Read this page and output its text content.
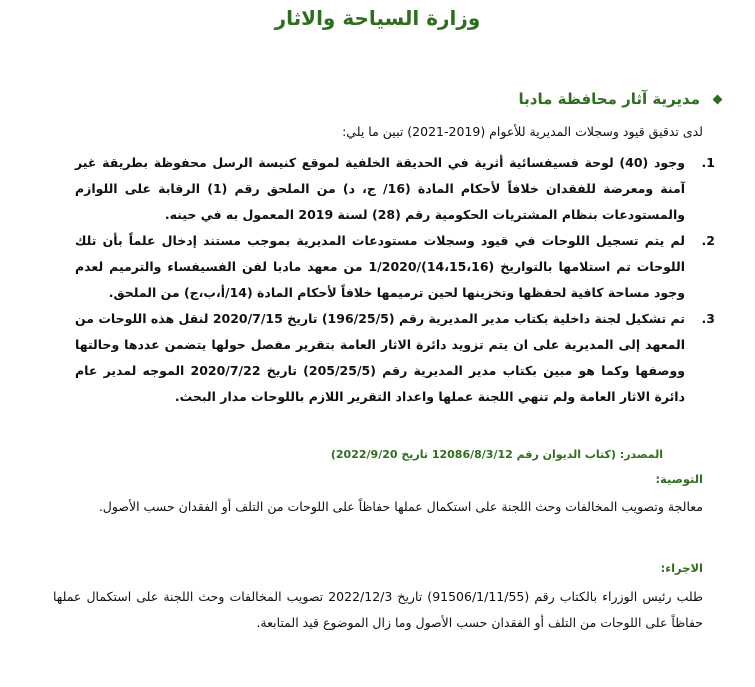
وزارة السياحة والاثار
مديرية آثار محافظة مادبا
لدى تدقيق قيود وسجلات المديرية للأعوام (2019-2021) تبين ما يلي:
1.
وجود (40) لوحة فسيفسائية أثرية في الحديقة الخلفية لموقع كنيسة الرسل محفوظة بطريقة غير آمنة ومعرضة للفقدان خلافاً لأحكام المادة (16/ ج، د) من الملحق رقم (1) الرقابة على اللوازم والمستودعات بنظام المشتريات الحكومية رقم (28) لسنة 2019 المعمول به في حينه.
2.
لم يتم تسجيل اللوحات في قيود وسجلات مستودعات المديرية بموجب مستند إدخال علماً بأن تلك اللوحات تم استلامها بالتواريخ (14،15،16)/1/2020 من معهد مادبا لفن الفسيفساء والترميم لعدم وجود مساحة كافية لحفظها وتخزينها لحين ترميمها خلافاً لأحكام المادة (14/أ،ب،ج) من الملحق.
3.
تم تشكيل لجنة داخلية بكتاب مدير المديرية رقم (196/25/5) تاريخ 2020/7/15 لنقل هذه اللوحات من المعهد إلى المديرية على ان يتم تزويد دائرة الاثار العامة بتقرير مفصل حولها يتضمن عددها وحالتها ووصفها وكما هو مبين بكتاب مدير المديرية رقم (205/25/5) تاريخ 2020/7/22 الموجه لمدير عام دائرة الاثار العامة ولم تنهي اللجنة عملها واعداد التقرير اللازم باللوحات مدار البحث.
المصدر: (كتاب الديوان رقم 12086/8/3/12 تاريخ 2022/9/20)
التوصية:
معالجة وتصويب المخالفات وحث اللجنة على استكمال عملها حفاظاً على اللوحات من التلف أو الفقدان حسب الأصول.
الاجراء:
طلب رئيس الوزراء بالكتاب رقم (91506/1/11/55) تاريخ 2022/12/3 تصويب المخالفات وحث اللجنة على استكمال عملها حفاظاً على اللوحات من التلف أو الفقدان حسب الأصول وما زال الموضوع قيد المتابعة.
